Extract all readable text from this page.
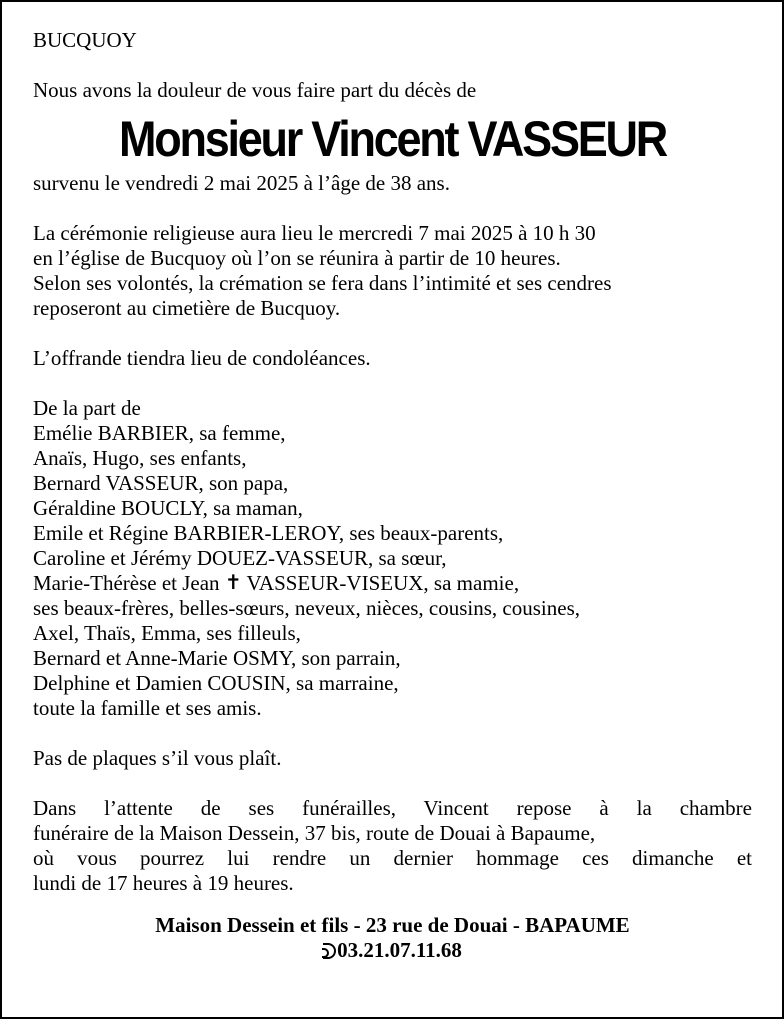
BUCQUOY
Nous avons la douleur de vous faire part du décès de
Monsieur Vincent VASSEUR
survenu le vendredi 2 mai 2025 à l’âge de 38 ans.
La cérémonie religieuse aura lieu le mercredi 7 mai 2025 à 10 h 30
en l’église de Bucquoy où l’on se réunira à partir de 10 heures.
Selon ses volontés, la crémation se fera dans l’intimité et ses cendres
reposeront au cimetière de Bucquoy.
L’offrande tiendra lieu de condoléances.
De la part de
Emélie BARBIER, sa femme,
Anaïs, Hugo, ses enfants,
Bernard VASSEUR, son papa,
Géraldine BOUCLY, sa maman,
Emile et Régine BARBIER-LEROY, ses beaux-parents,
Caroline et Jérémy DOUEZ-VASSEUR, sa sœur,
Marie-Thérèse et Jean ✝ VASSEUR-VISEUX, sa mamie,
ses beaux-frères, belles-sœurs, neveux, nièces, cousins, cousines,
Axel, Thaïs, Emma, ses filleuls,
Bernard et Anne-Marie OSMY, son parrain,
Delphine et Damien COUSIN, sa marraine,
toute la famille et ses amis.
Pas de plaques s’il vous plaît.
Dans l’attente de ses funérailles, Vincent repose à la chambre
funéraire de la Maison Dessein, 37 bis, route de Douai à Bapaume,
où vous pourrez lui rendre un dernier hommage ces dimanche et
lundi de 17 heures à 19 heures.
Maison Dessein et fils - 23 rue de Douai - BAPAUME
03.21.07.11.68
